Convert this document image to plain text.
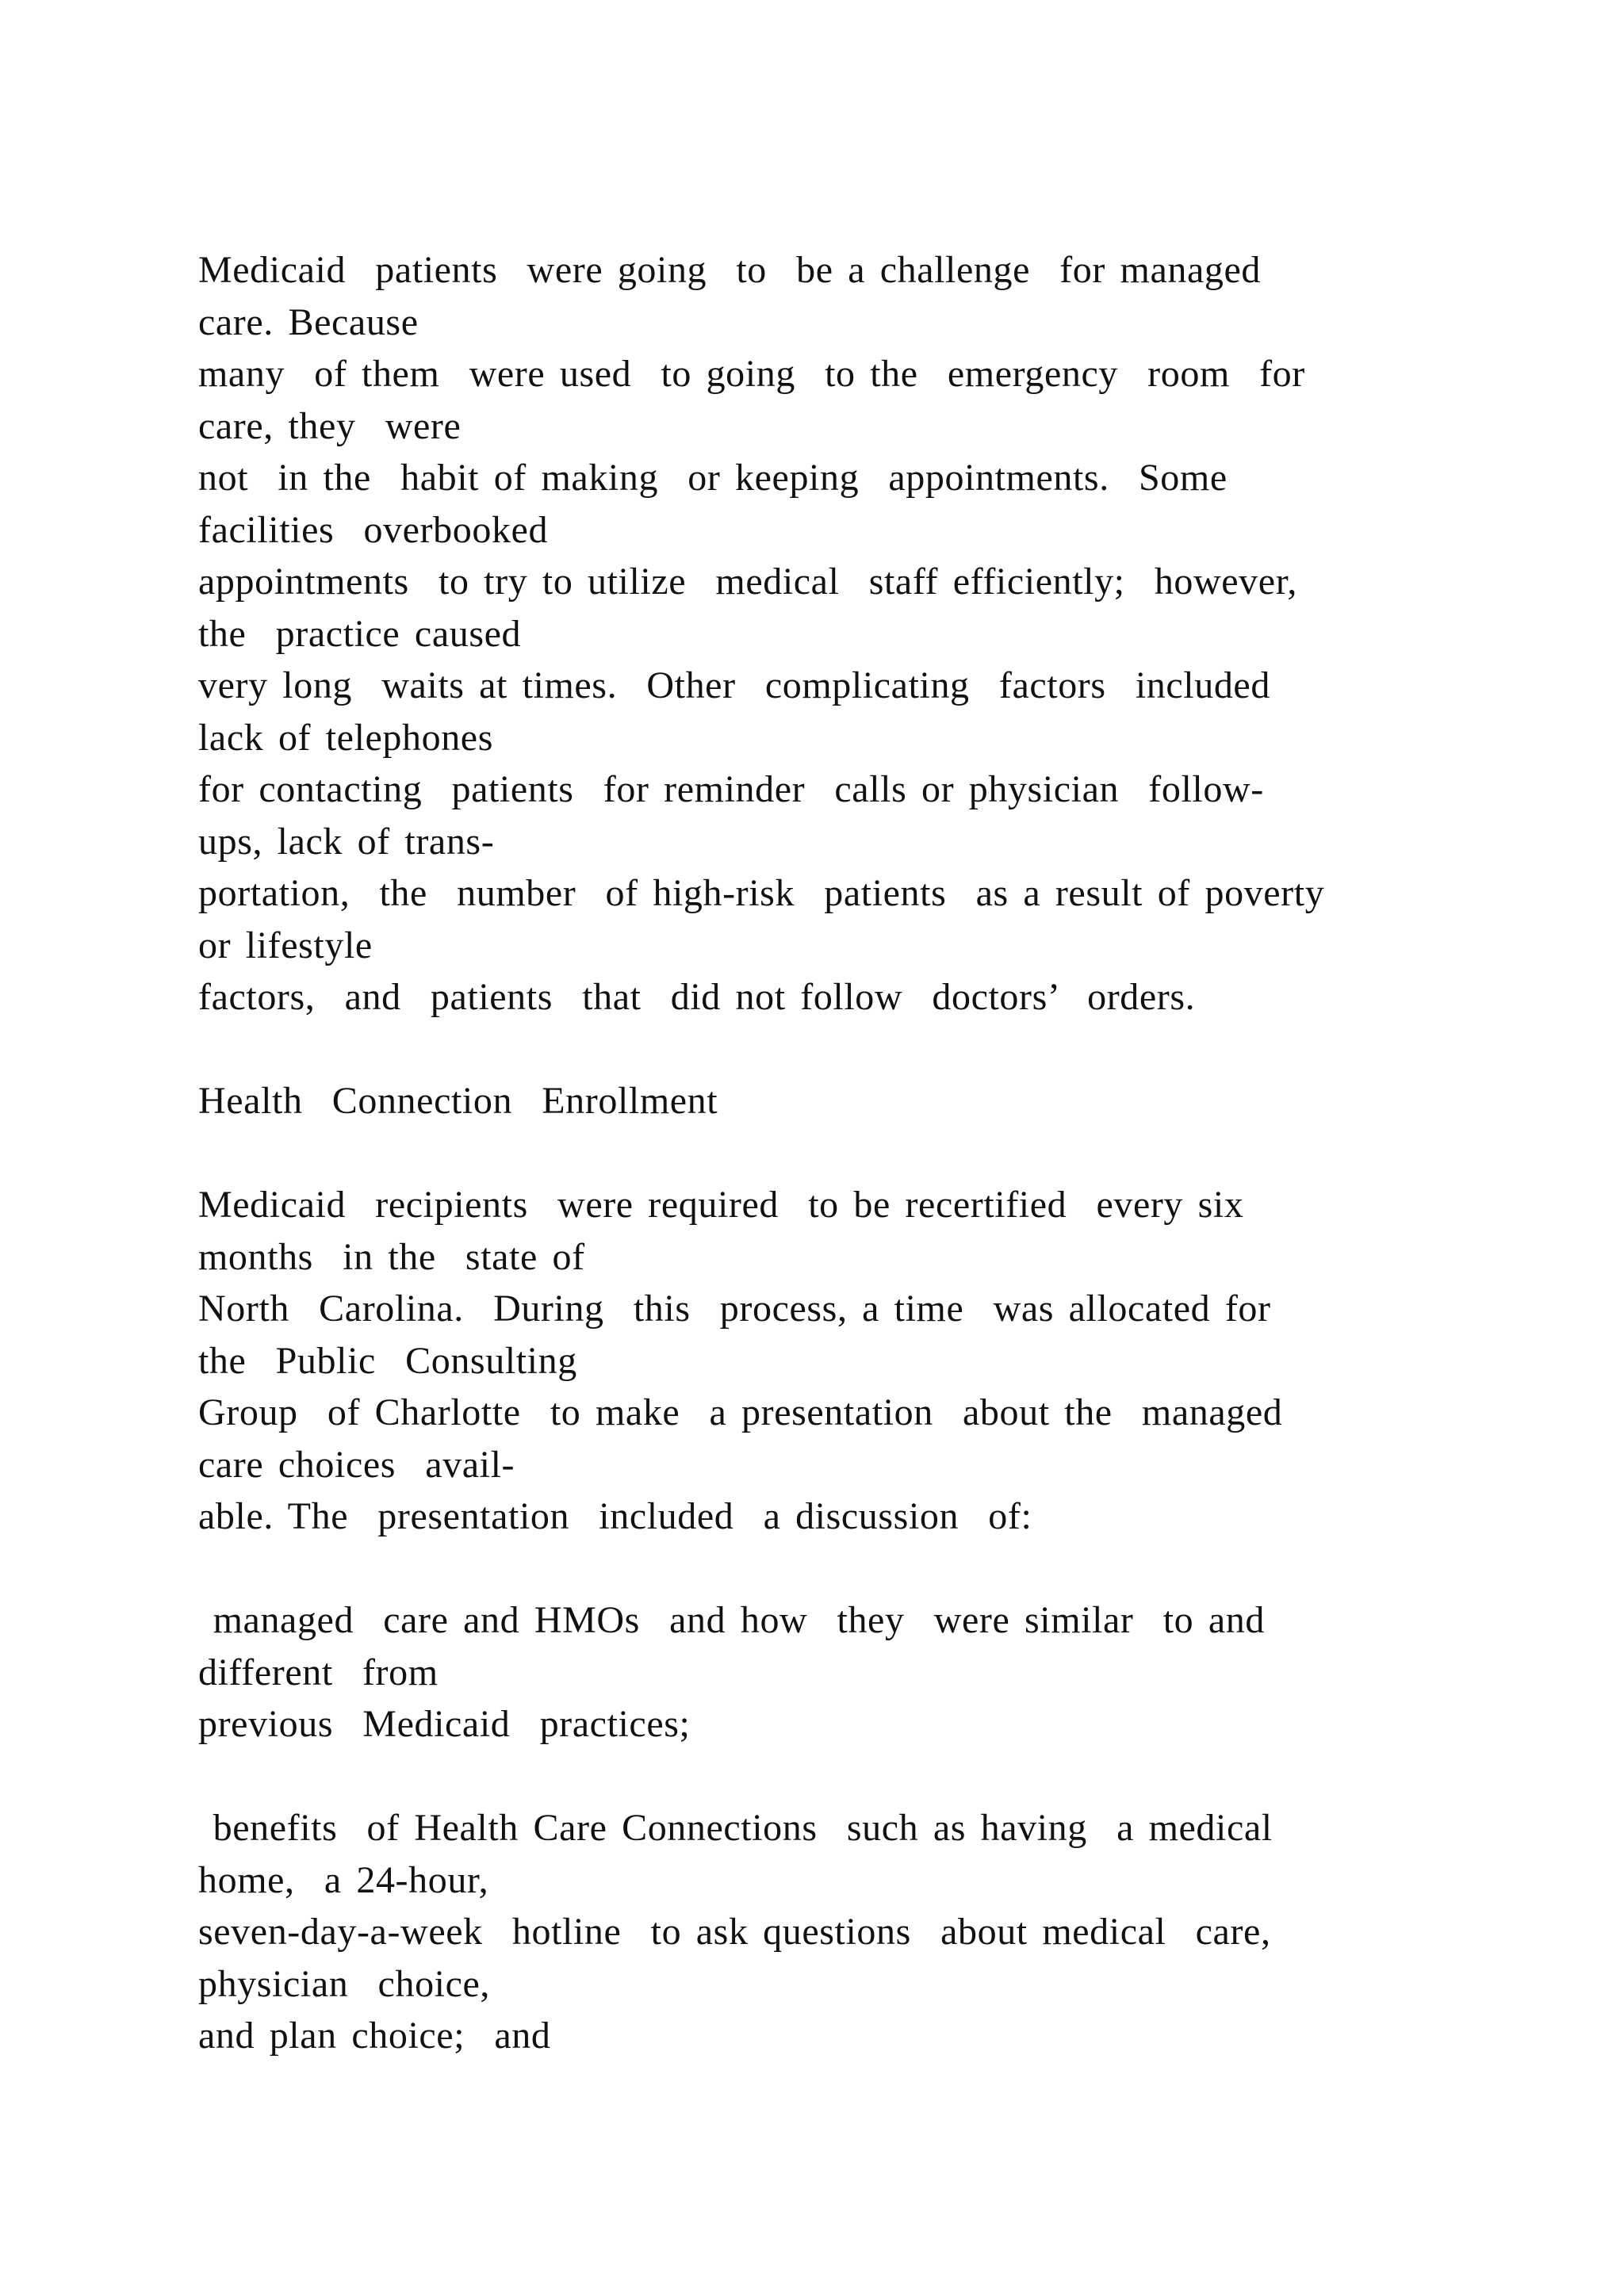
Medicaid  patients  were going  to  be a challenge  for managed
care. Because
many  of them  were used  to going  to the  emergency  room  for
care, they  were
not  in the  habit of making  or keeping  appointments.  Some
facilities  overbooked
appointments  to try to utilize  medical  staff efficiently;  however,
the  practice caused
very long  waits at times.  Other  complicating  factors  included
lack of telephones
for contacting  patients  for reminder  calls or physician  follow-
ups, lack of trans-
portation,  the  number  of high-risk  patients  as a result of poverty
or lifestyle
factors,  and  patients  that  did not follow  doctors’  orders.
Health  Connection  Enrollment
Medicaid  recipients  were required  to be recertified  every six
months  in the  state of
North  Carolina.  During  this  process, a time  was allocated for
the  Public  Consulting
Group  of Charlotte  to make  a presentation  about the  managed
care choices  avail-
able. The  presentation  included  a discussion  of:
managed  care and HMOs  and how  they  were similar  to and
different  from
previous  Medicaid  practices;
benefits  of Health Care Connections  such as having  a medical
home,  a 24-hour,
seven-day-a-week  hotline  to ask questions  about medical  care,
physician  choice,
and plan choice;  and
